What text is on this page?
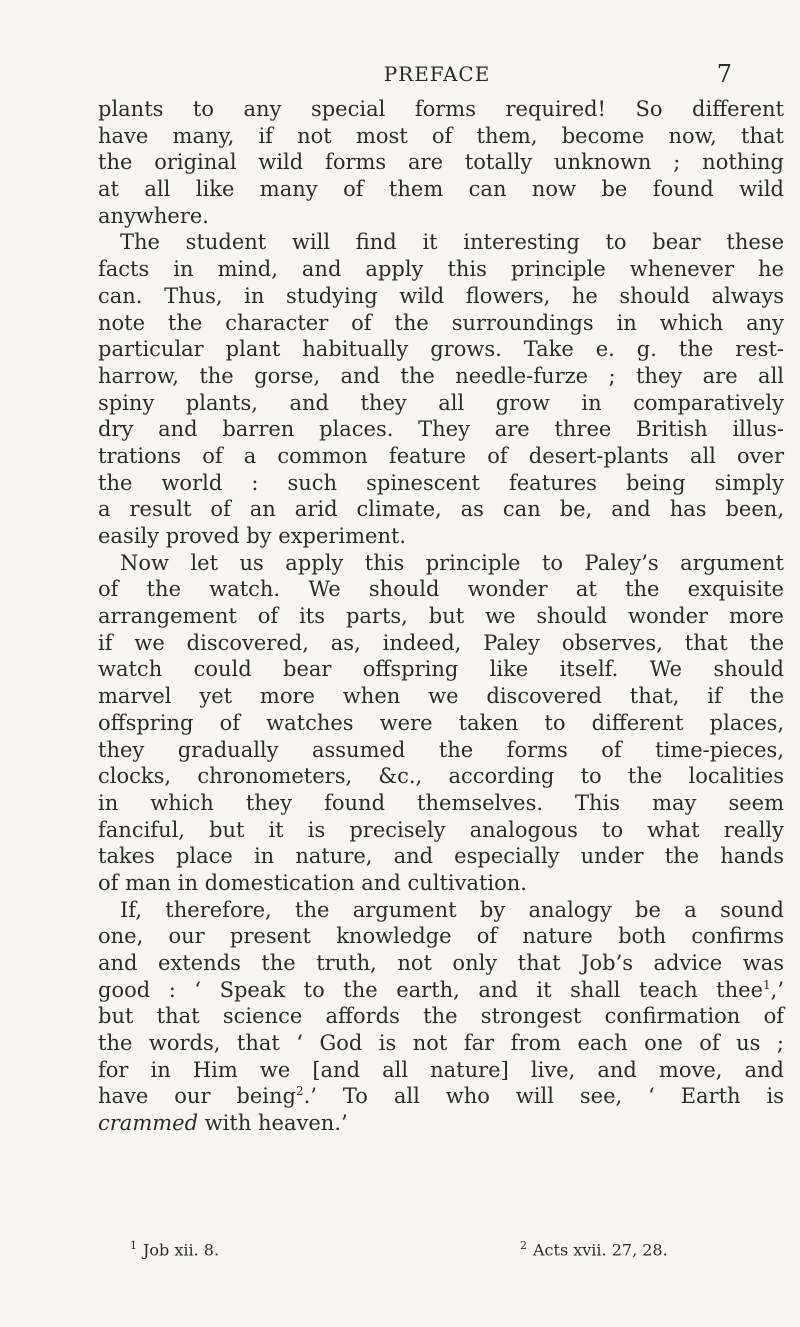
PREFACE	7
plants to any special forms required! So different
have many, if not most of them, become now, that
the original wild forms are totally unknown ; nothing
at all like many of them can now be found wild
anywhere.
The student will find it interesting to bear these
facts in mind, and apply this principle whenever he
can. Thus, in studying wild flowers, he should always
note the character of the surroundings in which any
particular plant habitually grows. Take e. g. the rest-
harrow, the gorse, and the needle-furze ; they are all
spiny plants, and they all grow in comparatively
dry and barren places. They are three British illus-
trations of a common feature of desert-plants all over
the world : such spinescent features being simply
a result of an arid climate, as can be, and has been,
easily proved by experiment.
Now let us apply this principle to Paley’s argument
of the watch. We should wonder at the exquisite
arrangement of its parts, but we should wonder more
if we discovered, as, indeed, Paley observes, that the
watch could bear offspring like itself. We should
marvel yet more when we discovered that, if the
offspring of watches were taken to different places,
they gradually assumed the forms of time-pieces,
clocks, chronometers, &c., according to the localities
in which they found themselves. This may seem
fanciful, but it is precisely analogous to what really
takes place in nature, and especially under the hands
of man in domestication and cultivation.
If, therefore, the argument by analogy be a sound
one, our present knowledge of nature both confirms
and extends the truth, not only that Job’s advice was
good : ‘ Speak to the earth, and it shall teach thee$^1$,’
but that science affords the strongest confirmation of
the words, that ‘ God is not far from each one of us ;
for in Him we [and all nature] live, and move, and
have our being$^2$.’ To all who will see, ‘ Earth is
crammed with heaven.’
$^1$ Job xii. 8.	$^2$ Acts xvii. 27, 28.
